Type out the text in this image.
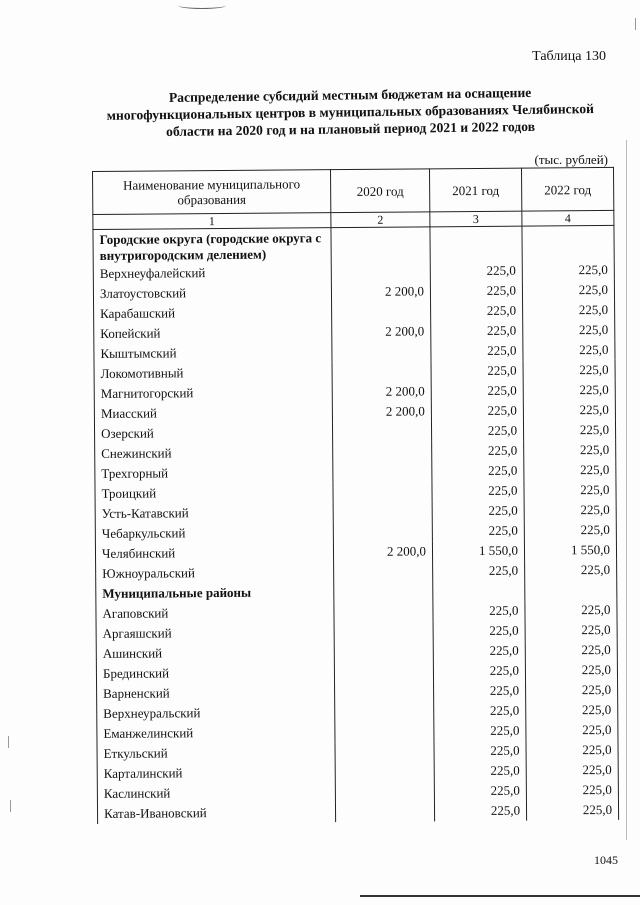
Таблица 130
Распределение субсидий местным бюджетам на оснащение многофункциональных центров в муниципальных образованиях Челябинской области на 2020 год и на плановый период 2021 и 2022 годов
(тыс. рублей)
Наименование муниципального образования	2020 год	2021 год	2022 год
1	2	3	4
Городские округа (городские округа с внутригородским делением)			
Верхнеуфалейский		225,0	225,0
Златоустовский	2 200,0	225,0	225,0
Карабашский		225,0	225,0
Копейский	2 200,0	225,0	225,0
Кыштымский		225,0	225,0
Локомотивный		225,0	225,0
Магнитогорский	2 200,0	225,0	225,0
Миасский	2 200,0	225,0	225,0
Озерский		225,0	225,0
Снежинский		225,0	225,0
Трехгорный		225,0	225,0
Троицкий		225,0	225,0
Усть-Катавский		225,0	225,0
Чебаркульский		225,0	225,0
Челябинский	2 200,0	1 550,0	1 550,0
Южноуральский		225,0	225,0
Муниципальные районы			
Агаповский		225,0	225,0
Аргаяшский		225,0	225,0
Ашинский		225,0	225,0
Брединский		225,0	225,0
Варненский		225,0	225,0
Верхнеуральский		225,0	225,0
Еманжелинский		225,0	225,0
Еткульский		225,0	225,0
Карталинский		225,0	225,0
Каслинский		225,0	225,0
Катав-Ивановский		225,0	225,0
1045
